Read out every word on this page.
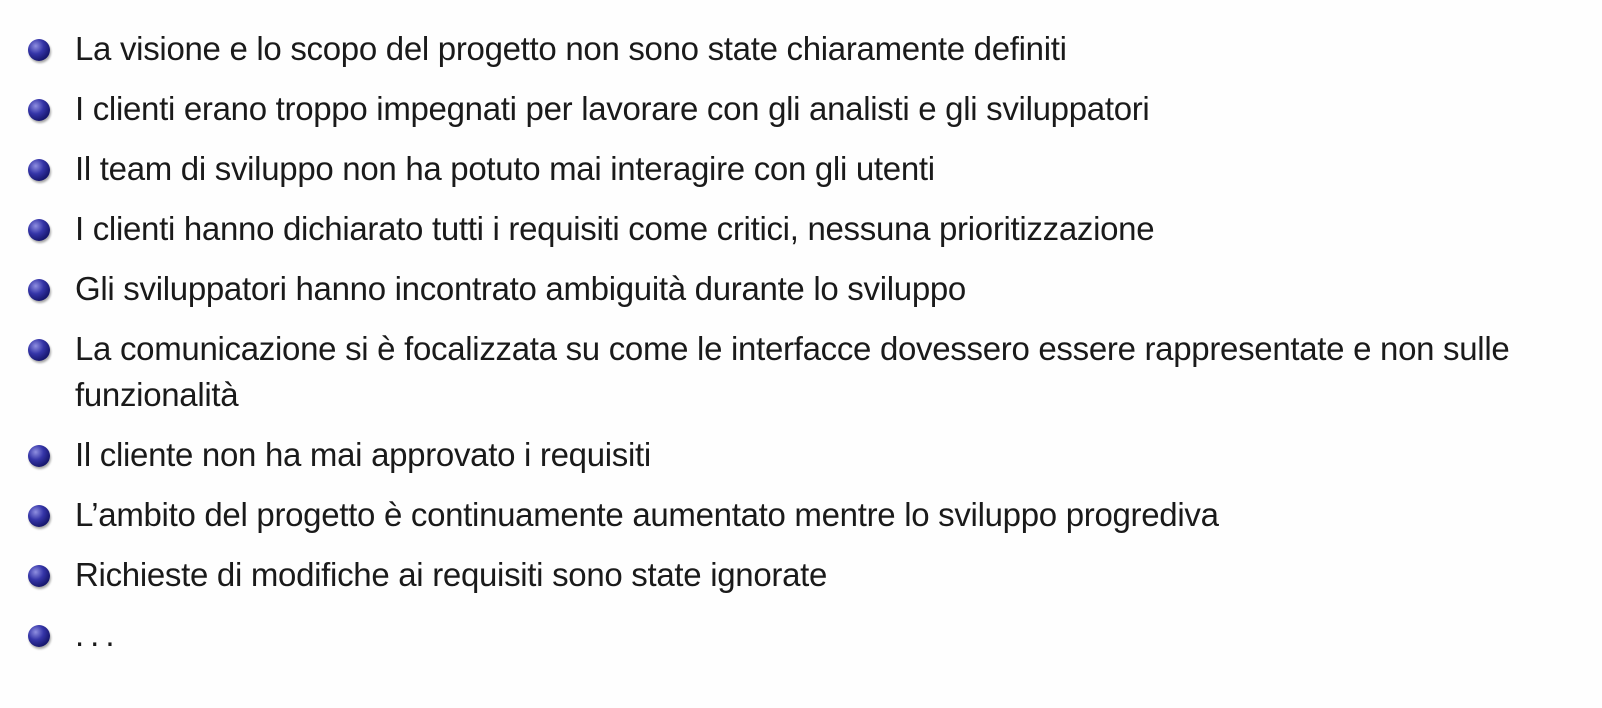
La visione e lo scopo del progetto non sono state chiaramente definiti
I clienti erano troppo impegnati per lavorare con gli analisti e gli sviluppatori
Il team di sviluppo non ha potuto mai interagire con gli utenti
I clienti hanno dichiarato tutti i requisiti come critici, nessuna prioritizzazione
Gli sviluppatori hanno incontrato ambiguità durante lo sviluppo
La comunicazione si è focalizzata su come le interfacce dovessero essere rappresentate e non sulle funzionalità
Il cliente non ha mai approvato i requisiti
L’ambito del progetto è continuamente aumentato mentre lo sviluppo progrediva
Richieste di modifiche ai requisiti sono state ignorate
...
